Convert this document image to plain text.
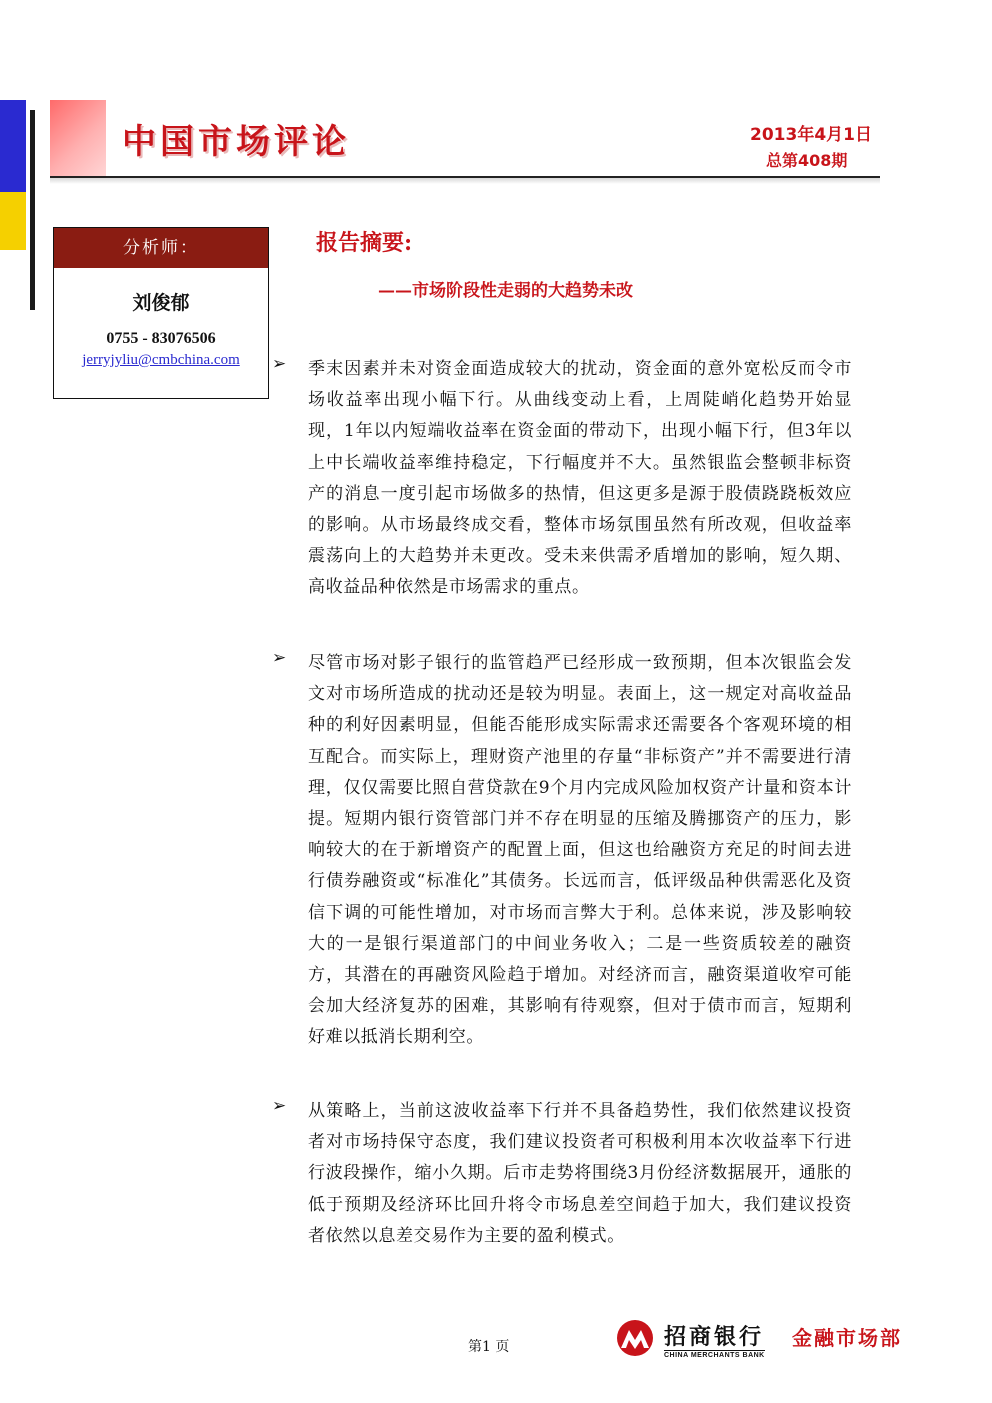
中国市场评论	2013年4月1日
总第408期
分析师：
刘俊郁
0755 - 83076506
jerryjyliu@cmbchina.com
报告摘要:
——市场阶段性走弱的大趋势未改
➢ 季末因素并未对资金面造成较大的扰动，资金面的意外宽松反而令市场收益率出现小幅下行。从曲线变动上看，上周陡峭化趋势开始显现，1年以内短端收益率在资金面的带动下，出现小幅下行，但3年以上中长端收益率维持稳定，下行幅度并不大。虽然银监会整顿非标资产的消息一度引起市场做多的热情，但这更多是源于股债跷跷板效应的影响。从市场最终成交看，整体市场氛围虽然有所改观，但收益率震荡向上的大趋势并未更改。受未来供需矛盾增加的影响，短久期、高收益品种依然是市场需求的重点。
➢ 尽管市场对影子银行的监管趋严已经形成一致预期，但本次银监会发文对市场所造成的扰动还是较为明显。表面上，这一规定对高收益品种的利好因素明显，但能否能形成实际需求还需要各个客观环境的相互配合。而实际上，理财资产池里的存量“非标资产”并不需要进行清理，仅仅需要比照自营贷款在9个月内完成风险加权资产计量和资本计提。短期内银行资管部门并不存在明显的压缩及腾挪资产的压力，影响较大的在于新增资产的配置上面，但这也给融资方充足的时间去进行债券融资或“标准化”其债务。长远而言，低评级品种供需恶化及资信下调的可能性增加，对市场而言弊大于利。总体来说，涉及影响较大的一是银行渠道部门的中间业务收入；二是一些资质较差的融资方，其潜在的再融资风险趋于增加。对经济而言，融资渠道收窄可能会加大经济复苏的困难，其影响有待观察，但对于债市而言，短期利好难以抵消长期利空。
➢ 从策略上，当前这波收益率下行并不具备趋势性，我们依然建议投资者对市场持保守态度，我们建议投资者可积极利用本次收益率下行进行波段操作，缩小久期。后市走势将围绕3月份经济数据展开，通胀的低于预期及经济环比回升将令市场息差空间趋于加大，我们建议投资者依然以息差交易作为主要的盈利模式。
第1 页	招商银行
CHINA MERCHANTS BANK
金融市场部
